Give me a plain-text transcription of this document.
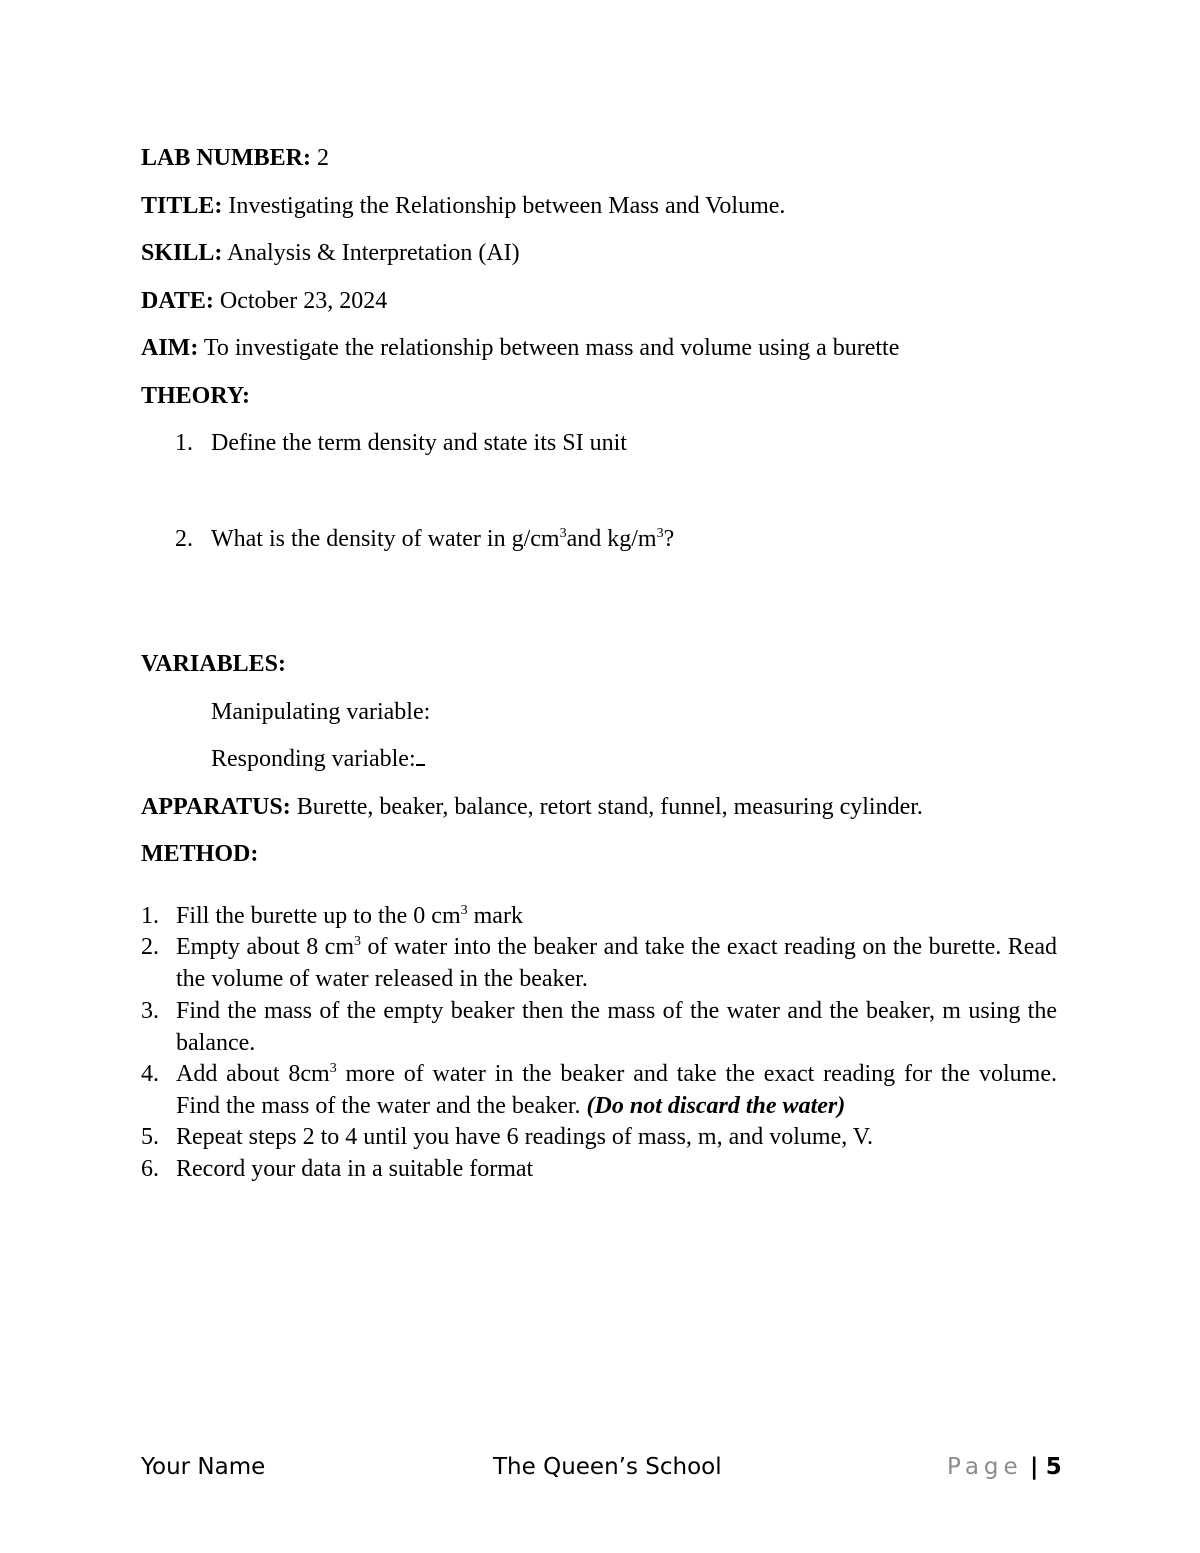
LAB NUMBER: 2
TITLE: Investigating the Relationship between Mass and Volume.
SKILL: Analysis & Interpretation (AI)
DATE: October 23, 2024
AIM: To investigate the relationship between mass and volume using a burette
THEORY:
1. Define the term density and state its SI unit
2. What is the density of water in $g/cm^3and$ $kg/m^3$?
VARIABLES:
Manipulating variable:
Responding variable:
APPARATUS: Burette, beaker, balance, retort stand, funnel, measuring cylinder.
METHOD:
1. Fill the burette up to the 0 $cm^3$ mark
2. Empty about 8 $cm^3$ of water into the beaker and take the exact reading on the burette. Read the volume of water released in the beaker.
3. Find the mass of the empty beaker then the mass of the water and the beaker, m using the balance.
4. Add about $8cm^3$ more of water in the beaker and take the exact reading for the volume. Find the mass of the water and the beaker. (Do not discard the water)
5. Repeat steps 2 to 4 until you have 6 readings of mass, m, and volume, V.
6. Record your data in a suitable format
Your Name	The Queen’s School	Page | 5
